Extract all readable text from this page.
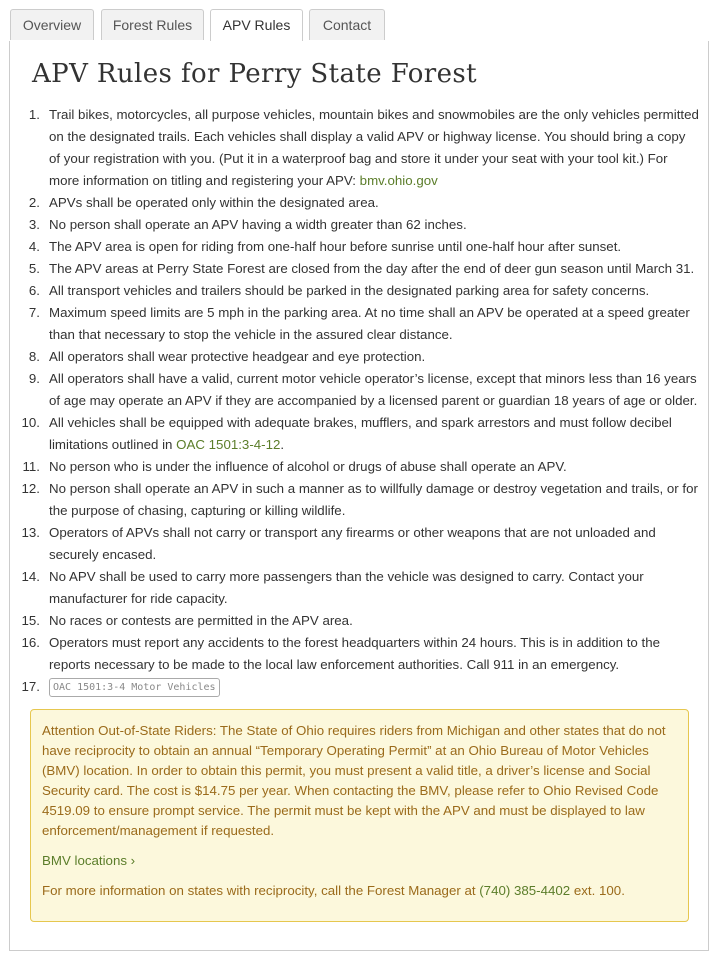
Overview	Forest Rules	APV Rules	Contact
APV Rules for Perry State Forest
1. Trail bikes, motorcycles, all purpose vehicles, mountain bikes and snowmobiles are the only vehicles permitted on the designated trails. Each vehicles shall display a valid APV or highway license. You should bring a copy of your registration with you. (Put it in a waterproof bag and store it under your seat with your tool kit.) For more information on titling and registering your APV: bmv.ohio.gov
2. APVs shall be operated only within the designated area.
3. No person shall operate an APV having a width greater than 62 inches.
4. The APV area is open for riding from one-half hour before sunrise until one-half hour after sunset.
5. The APV areas at Perry State Forest are closed from the day after the end of deer gun season until March 31.
6. All transport vehicles and trailers should be parked in the designated parking area for safety concerns.
7. Maximum speed limits are 5 mph in the parking area. At no time shall an APV be operated at a speed greater than that necessary to stop the vehicle in the assured clear distance.
8. All operators shall wear protective headgear and eye protection.
9. All operators shall have a valid, current motor vehicle operator’s license, except that minors less than 16 years of age may operate an APV if they are accompanied by a licensed parent or guardian 18 years of age or older.
10. All vehicles shall be equipped with adequate brakes, mufflers, and spark arrestors and must follow decibel limitations outlined in OAC 1501:3-4-12.
11. No person who is under the influence of alcohol or drugs of abuse shall operate an APV.
12. No person shall operate an APV in such a manner as to willfully damage or destroy vegetation and trails, or for the purpose of chasing, capturing or killing wildlife.
13. Operators of APVs shall not carry or transport any firearms or other weapons that are not unloaded and securely encased.
14. No APV shall be used to carry more passengers than the vehicle was designed to carry. Contact your manufacturer for ride capacity.
15. No races or contests are permitted in the APV area.
16. Operators must report any accidents to the forest headquarters within 24 hours. This is in addition to the reports necessary to be made to the local law enforcement authorities. Call 911 in an emergency.
17. OAC 1501:3-4 Motor Vehicles

Attention Out-of-State Riders: The State of Ohio requires riders from Michigan and other states that do not have reciprocity to obtain an annual “Temporary Operating Permit” at an Ohio Bureau of Motor Vehicles (BMV) location. In order to obtain this permit, you must present a valid title, a driver’s license and Social Security card. The cost is $14.75 per year. When contacting the BMV, please refer to Ohio Revised Code 4519.09 to ensure prompt service. The permit must be kept with the APV and must be displayed to law enforcement/management if requested.

BMV locations ›
For more information on states with reciprocity, call the Forest Manager at (740) 385-4402 ext. 100.
